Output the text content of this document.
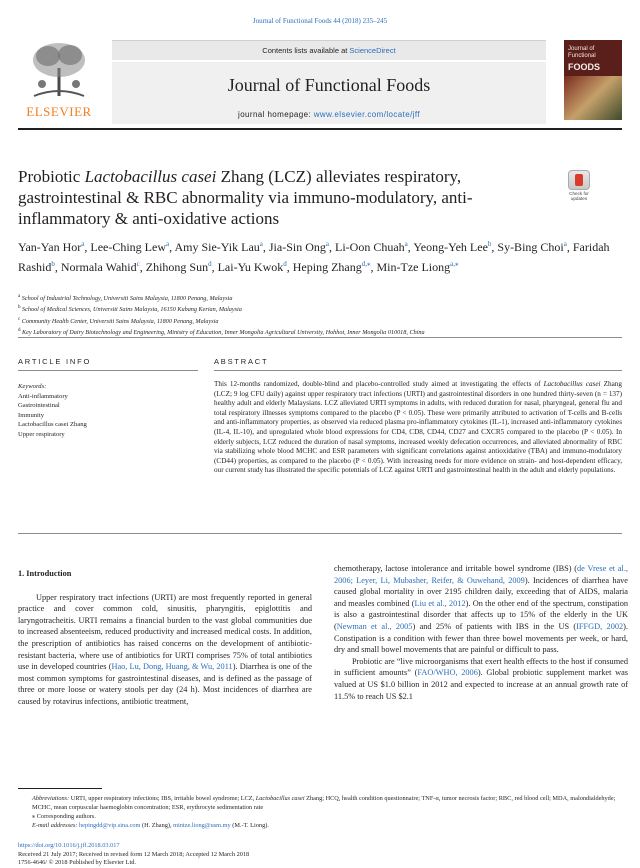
Journal of Functional Foods 44 (2018) 235–245
ELSEVIER
Contents lists available at ScienceDirect
Journal of Functional Foods
journal homepage: www.elsevier.com/locate/jff
Journal of
Functional
FOODS
Probiotic Lactobacillus casei Zhang (LCZ) alleviates respiratory, gastrointestinal & RBC abnormality via immuno-modulatory, anti-inflammatory & anti-oxidative actions
Check for updates
Yan-Yan Hor$^a$, Lee-Ching Lew$^a$, Amy Sie-Yik Lau$^a$, Jia-Sin Ong$^a$, Li-Oon Chuah$^a$, Yeong-Yeh Lee$^b$, Sy-Bing Choi$^a$, Faridah Rashid$^b$, Normala Wahid$^c$, Zhihong Sun$^d$, Lai-Yu Kwok$^d$, Heping Zhang$^{d,⁎}$, Min-Tze Liong$^{a,⁎}$
$^a$ School of Industrial Technology, Universiti Sains Malaysia, 11800 Penang, Malaysia
$^b$ School of Medical Sciences, Universiti Sains Malaysia, 16150 Kubang Kerian, Malaysia
$^c$ Community Health Center, Universiti Sains Malaysia, 11800 Penang, Malaysia
$^d$ Key Laboratory of Dairy Biotechnology and Engineering, Ministry of Education, Inner Mongolia Agricultural University, Hohhot, Inner Mongolia 010018, China
ARTICLE INFO	ABSTRACT
Keywords:
Anti-inflammatory
Gastrointestinal
Immunity
Lactobacillus casei Zhang
Upper respiratory
This 12-months randomized, double-blind and placebo-controlled study aimed at investigating the effects of Lactobacillus casei Zhang (LCZ; 9 log CFU daily) against upper respiratory tract infections (URTI) and gastrointestinal disorders in one hundred thirty-seven (n = 137) healthy adult and elderly Malaysians. LCZ alleviated URTI symptoms in adults, with reduced duration for nasal, pharyngeal, general flu and total respiratory illnesses symptoms compared to the placebo (P < 0.05). These were primarily attributed to activation of T-cells and B-cells and anti-inflammatory properties, as observed via reduced plasma pro-inflammatory cytokines (IL-1), increased anti-inflammatory cytokines (IL-4, IL-10), and upregulated whole blood expressions for CD4, CD8, CD44, CD27 and CXCR5 compared to the placebo (P < 0.05). In elderly subjects, LCZ reduced the duration of nasal symptoms, increased weekly defecation occurrences, and alleviated abnormality of RBC via stabilizing whole blood MCHC and ESR parameters with significant correlations against antioxidative (TBA) and immuno-modulatory (CD44) properties, as compared to the placebo (P < 0.05). With increasing needs for more evidence on strain- and host-dependent efficacy, our current study has illustrated the specific potentials of LCZ against URTI and gastrointestinal health in the adult and elderly populations.
1. Introduction

Upper respiratory tract infections (URTI) are most frequently reported in general practice and cover common cold, sinusitis, pharyngitis, epiglottitis and laryngotracheitis. URTI remains a financial burden to the vast global communities due to increased absenteeism, reduced productivity and increased medical costs. In addition, the prescription of antibiotics has raised concerns on the development of antibiotic-resistant bacteria, where use of antibiotics for URTI comprises 75% of total antibiotics use in developed countries (Hao, Lu, Dong, Huang, & Wu, 2011). Diarrhea is one of the most common symptoms for gastrointestinal diseases, and is defined as the passage of three or more loose or watery stools per day (24 h). Most incidences of diarrhea are caused by rotavirus infections, antibiotic treatment,

chemotherapy, lactose intolerance and irritable bowel syndrome (IBS) (de Vrese et al., 2006; Leyer, Li, Mubasher, Reifer, & Ouwehand, 2009). Incidences of diarrhea have caused global mortality in over 2195 children daily, exceeding that of AIDS, malaria and measles combined (Liu et al., 2012). On the other end of the spectrum, constipation is also a gastrointestinal disorder that affects up to 15% of the elderly in the UK (Newman et al., 2005) and 25% of patients with IBS in the US (IFFGD, 2002). Constipation is a condition with fewer than three bowel movements per week, or hard, dry and small bowel movements that are painful or difficult to pass.

Probiotic are “live microorganisms that exert health effects to the host if consumed in sufficient amounts” (FAO/WHO, 2006). Global probiotic supplement market was valued at US $1.0 billion in 2012 and expected to increase at an annual growth rate of 11.5% to reach US $2.1

Abbreviations: URTI, upper respiratory infections; IBS, irritable bowel syndrome; LCZ, Lactobacillus casei Zhang; HCQ, health condition questionnaire; TNF-α, tumor necrosis factor; RBC, red blood cell; MDA, malondialdehyde; MCHC, mean corpuscular haemoglobin concentration; ESR, erythrocyte sedimentation rate
⁎ Corresponding authors.
E-mail addresses: hepingdd@vip.sina.com (H. Zhang), mintze.liong@usm.my (M.-T. Liong).
https://doi.org/10.1016/j.jff.2018.03.017
Received 21 July 2017; Received in revised form 12 March 2018; Accepted 12 March 2018
1756-4646/ © 2018 Published by Elsevier Ltd.
